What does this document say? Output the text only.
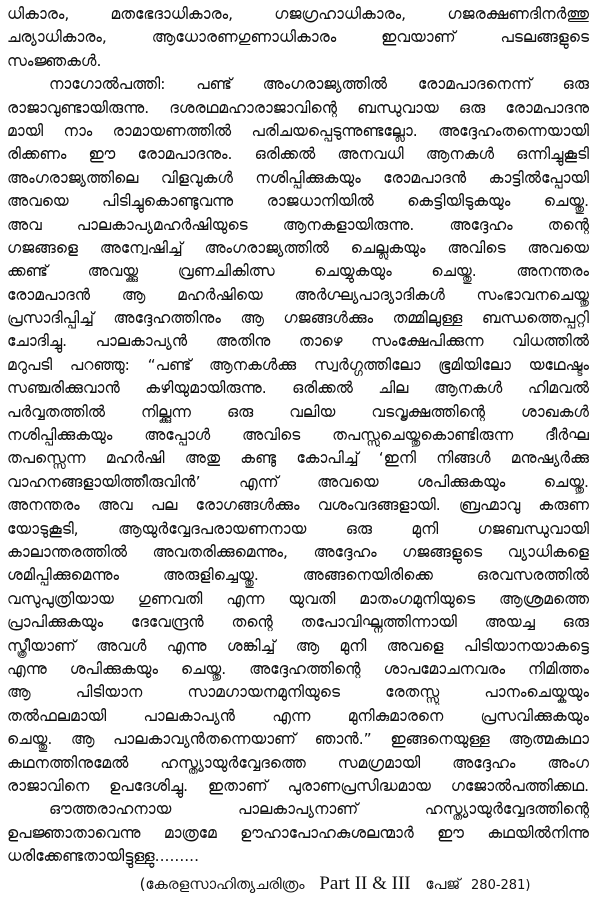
ധികാരം, മതഭേദാധികാരം, ഗജഗ്രഹാധികാരം, ഗജരക്ഷണദിനർത്തു
ചര്യാധികാരം, ആധോരണഗുണാധികാരം ഇവയാണ് പടലങ്ങളുടെ
സംജ്ഞകൾ.
നാഗോൽപത്തി: പണ്ട് അംഗരാജ്യത്തിൽ രോമപാദനെന്ന് ഒരു
രാജാവുണ്ടായിരുന്നു. ദശരഥമഹാരാജാവിന്റെ ബന്ധുവായ ഒരു രോമപാദനു
മായി നാം രാമായണത്തിൽ പരിചയപ്പെടുന്നുണ്ടല്ലോ. അദ്ദേഹംതന്നെയായി
രിക്കണം ഈ രോമപാദനും. ഒരിക്കൽ അനവധി ആനകൾ ഒന്നിച്ചുകൂടി
അംഗരാജ്യത്തിലെ വിളവുകൾ നശിപ്പിക്കുകയും രോമപാദൻ കാട്ടിൽപ്പോയി
അവയെ പിടിച്ചുകൊണ്ടുവന്നു രാജധാനിയിൽ കെട്ടിയിടുകയും ചെയ്തു.
അവ പാലകാപ്യമഹർഷിയുടെ ആനകളായിരുന്നു. അദ്ദേഹം തന്റെ
ഗജങ്ങളെ അന്വേഷിച്ച് അംഗരാജ്യത്തിൽ ചെല്ലുകയും അവിടെ അവയെ
ക്കണ്ട് അവയ്ക്കു വ്രണചികിത്സ ചെയ്യുകയും ചെയ്തു. അനന്തരം
രോമപാദൻ ആ മഹർഷിയെ അർഗ്ഘ്യപാദ്യാദികൾ സംഭാവനചെയ്തു
പ്രസാദിപ്പിച്ച് അദ്ദേഹത്തിനും ആ ഗജങ്ങൾക്കും തമ്മിലുള്ള ബന്ധത്തെപ്പറ്റി
ചോദിച്ചു. പാലകാപ്യൻ അതിനു താഴെ സംക്ഷേപിക്കുന്ന വിധത്തിൽ
മറുപടി പറഞ്ഞു: “പണ്ട് ആനകൾക്കു സ്വർഗ്ഗത്തിലോ ഭൂമിയിലോ യഥേഷ്ടം
സഞ്ചരിക്കുവാൻ കഴിയുമായിരുന്നു. ഒരിക്കൽ ചില ആനകൾ ഹിമവൽ
പർവ്വതത്തിൽ നില്ക്കുന്ന ഒരു വലിയ വടവൃക്ഷത്തിന്റെ ശാഖകൾ
നശിപ്പിക്കുകയും അപ്പോൾ അവിടെ തപസ്സുചെയ്തുകൊണ്ടിരുന്ന ദീർഘ
തപസ്സെന്ന മഹർഷി അതു കണ്ടു കോപിച്ച് ‘ഇനി നിങ്ങൾ മനുഷ്യർക്കു
വാഹനങ്ങളായിത്തീരുവിൻ’ എന്ന് അവയെ ശപിക്കുകയും ചെയ്തു.
അനന്തരം അവ പല രോഗങ്ങൾക്കും വശംവദങ്ങളായി. ബ്രഹ്മാവു കരുണ
യോടുകൂടി, ആയുർവ്വേദപരായണനായ ഒരു മുനി ഗജബന്ധുവായി
കാലാന്തരത്തിൽ അവതരിക്കുമെന്നും, അദ്ദേഹം ഗജങ്ങളുടെ വ്യാധികളെ
ശമിപ്പിക്കുമെന്നും അരുളിച്ചെയ്തു. അങ്ങനെയിരിക്കെ ഒരവസരത്തിൽ
വസുപുത്രിയായ ഗുണവതി എന്ന യുവതി മാതംഗമുനിയുടെ ആശ്രമത്തെ
പ്രാപിക്കുകയും ദേവേന്ദ്രൻ തന്റെ തപോവിഘ്നത്തിന്നായി അയച്ച ഒരു
സ്ത്രീയാണ് അവൾ എന്നു ശങ്കിച്ച് ആ മുനി അവളെ പിടിയാനയാകട്ടെ
എന്നു ശപിക്കുകയും ചെയ്തു. അദ്ദേഹത്തിന്റെ ശാപമോചനവരം നിമിത്തം
ആ പിടിയാന സാമഗായനമുനിയുടെ രേതസ്സു പാനംചെയ്കയും
തൽഫലമായി പാലകാപ്യൻ എന്ന മുനികുമാരനെ പ്രസവിക്കുകയും
ചെയ്തു. ആ പാലകാവ്യൻതന്നെയാണ് ഞാൻ.” ഇങ്ങനെയുള്ള ആത്മകഥാ
കഥനത്തിനുമേൽ ഹസ്ത്യായുർവ്വേദത്തെ സമഗ്രമായി അദ്ദേഹം അംഗ
രാജാവിനെ ഉപദേശിച്ചു. ഇതാണ് പുരാണപ്രസിദ്ധമായ ഗജോൽപത്തിക്കഥ.
ഔത്തരാഹനായ പാലകാപ്യനാണ് ഹസ്ത്യായുർവ്വേദത്തിന്റെ
ഉപജ്ഞാതാവെന്നു മാത്രമേ ഊഹാപോഹകുശലന്മാർ ഈ കഥയിൽനിന്നു
ധരിക്കേണ്ടതായിട്ടുള്ളു.........
(കേരളസാഹിത്യചരിത്രം Part II & III പേജ് 280-281)
